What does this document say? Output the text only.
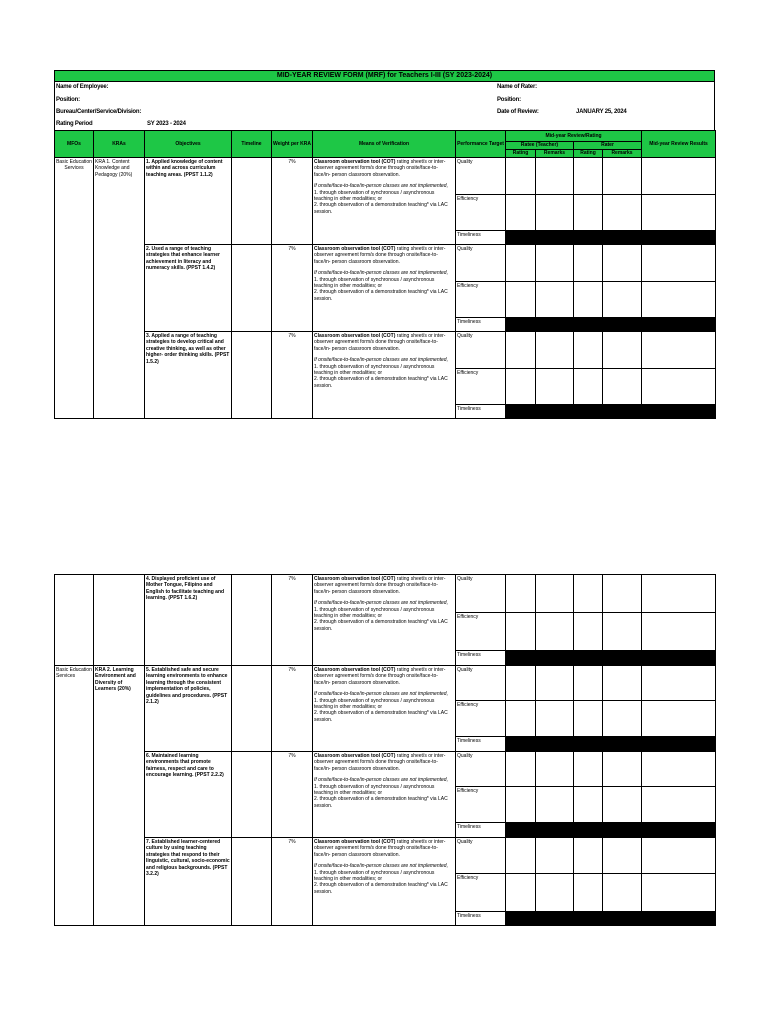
MID-YEAR REVIEW FORM (MRF) for Teachers I-III (SY 2023-2024)
Name of Employee:
Position:
Bureau/Center/Service/Division:
Rating Period	SY 2023 - 2024
Name of Rater:
Position:
Date of Review:	JANUARY 25, 2024
MFOs	KRAs	Objectives	Timeline	Weight per KRA	Means of Verification	Performance Target	Mid-year Review/Rating				Mid-year Review Results
							Ratee (Teacher)		Rater		
							Rating	Remarks	Rating	Remarks	
Basic Education Services	KRA 1. Content Knowledge and Pedagogy (20%)	1. Applied knowledge of content within and across curriculum teaching areas. (PPST 1.1.2)		7%	Classroom observation tool (COT) rating sheet/s or inter-observer agreement form/s done through onsite/face-to-face/in- person classroom observation.
If onsite/face-to-face/in-person classes are not implemented,
1. through observation of synchronous / asynchronous teaching in other modalities; or
2. through observation of a demonstration teaching* via LAC session.	Quality					
						Efficiency					
						Timeliness					
		2. Used a range of teaching strategies that enhance learner achievement in literacy and numeracy skills. (PPST 1.4.2)		7%	Classroom observation tool (COT) rating sheet/s or inter-observer agreement form/s done through onsite/face-to-face/in- person classroom observation.
If onsite/face-to-face/in-person classes are not implemented,
1. through observation of synchronous / asynchronous teaching in other modalities; or
2. through observation of a demonstration teaching* via LAC session.	Quality					
						Efficiency					
						Timeliness					
		3. Applied a range of teaching strategies to develop critical and creative thinking, as well as other higher- order thinking skills. (PPST 1.5.2)		7%	Classroom observation tool (COT) rating sheet/s or inter-observer agreement form/s done through onsite/face-to-face/in- person classroom observation.
If onsite/face-to-face/in-person classes are not implemented,
1. through observation of synchronous / asynchronous teaching in other modalities; or
2. through observation of a demonstration teaching* via LAC session.	Quality					
						Efficiency					
						Timeliness					
		4. Displayed proficient use of Mother Tongue, Filipino and English to facilitate teaching and learning. (PPST 1.6.2)		7%	Classroom observation tool (COT) rating sheet/s or inter-observer agreement form/s done through onsite/face-to-face/in- person classroom observation.
If onsite/face-to-face/in-person classes are not implemented,
1. through observation of synchronous / asynchronous teaching in other modalities; or
2. through observation of a demonstration teaching* via LAC session.	Quality					
						Efficiency					
						Timeliness					
Basic Education Services	KRA 2. Learning Environment and Diversity of Learners (20%)	5. Established safe and secure learning environments to enhance learning through the consistent implementation of policies, guidelines and procedures. (PPST 2.1.2)		7%	Classroom observation tool (COT) rating sheet/s or inter-observer agreement form/s done through onsite/face-to-face/in- person classroom observation.
If onsite/face-to-face/in-person classes are not implemented,
1. through observation of synchronous / asynchronous teaching in other modalities; or
2. through observation of a demonstration teaching* via LAC session.	Quality					
						Efficiency					
						Timeliness					
		6. Maintained learning environments that promote fairness, respect and care to encourage learning. (PPST 2.2.2)		7%	Classroom observation tool (COT) rating sheet/s or inter-observer agreement form/s done through onsite/face-to-face/in- person classroom observation.
If onsite/face-to-face/in-person classes are not implemented,
1. through observation of synchronous / asynchronous teaching in other modalities; or
2. through observation of a demonstration teaching* via LAC session.	Quality					
						Efficiency					
						Timeliness					
		7. Established learner-centered culture by using teaching strategies that respond to their linguistic, cultural, socio-economic and religious backgrounds. (PPST 3.2.2)		7%	Classroom observation tool (COT) rating sheet/s or inter-observer agreement form/s done through onsite/face-to-face/in- person classroom observation.
If onsite/face-to-face/in-person classes are not implemented,
1. through observation of synchronous / asynchronous teaching in other modalities; or
2. through observation of a demonstration teaching* via LAC session.	Quality					
						Efficiency					
						Timeliness					
